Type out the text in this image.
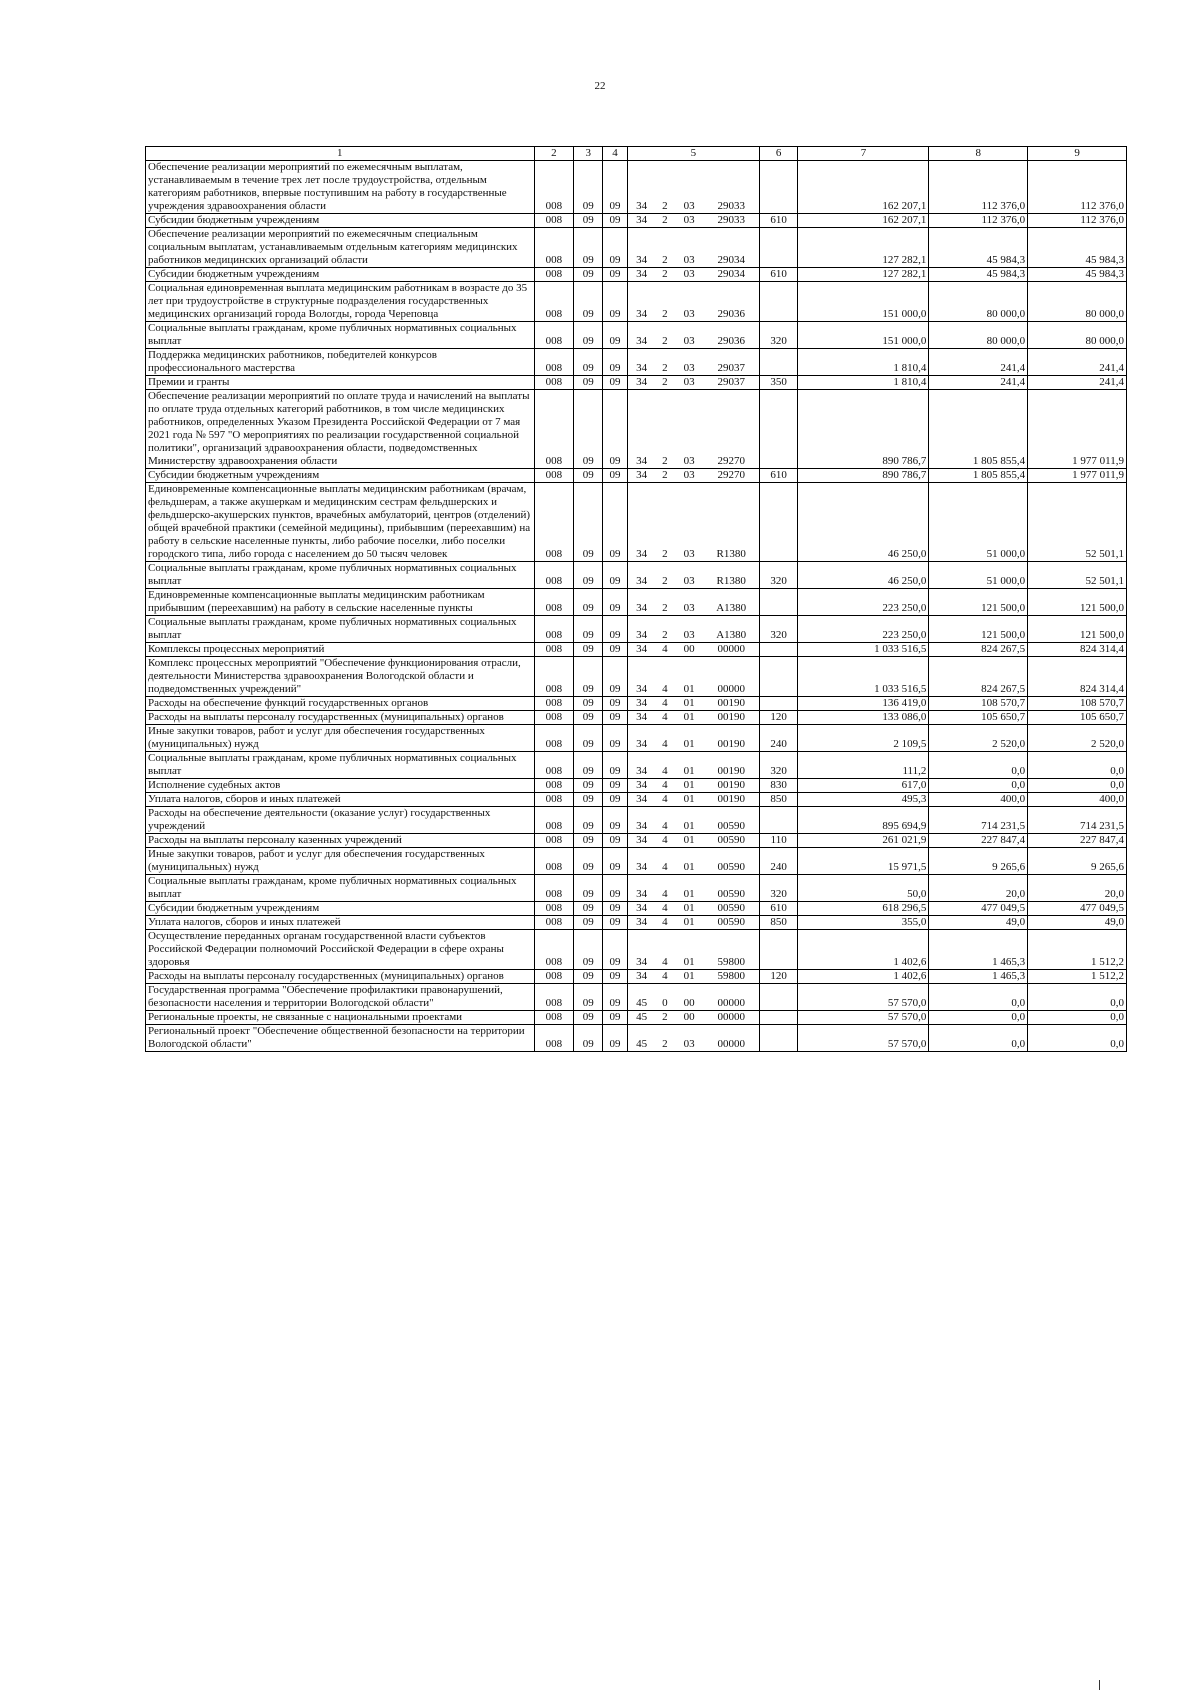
22
1	2	3	4	5				6	7	8	9
Обеспечение реализации мероприятий по ежемесячным выплатам, устанавливаемым в течение трех лет после трудоустройства, отдельным категориям работников, впервые поступившим на работу в государственные учреждения здравоохранения области	008	09	09	34	2	03	29033		162 207,1	112 376,0	112 376,0
Субсидии бюджетным учреждениям	008	09	09	34	2	03	29033	610	162 207,1	112 376,0	112 376,0
Обеспечение реализации мероприятий по ежемесячным специальным социальным выплатам, устанавливаемым отдельным категориям медицинских работников медицинских организаций области	008	09	09	34	2	03	29034		127 282,1	45 984,3	45 984,3
Субсидии бюджетным учреждениям	008	09	09	34	2	03	29034	610	127 282,1	45 984,3	45 984,3
Социальная единовременная выплата медицинским работникам в возрасте до 35 лет при трудоустройстве в структурные подразделения государственных медицинских организаций города Вологды, города Череповца	008	09	09	34	2	03	29036		151 000,0	80 000,0	80 000,0
Социальные выплаты гражданам, кроме публичных нормативных социальных выплат	008	09	09	34	2	03	29036	320	151 000,0	80 000,0	80 000,0
Поддержка медицинских работников, победителей конкурсов профессионального мастерства	008	09	09	34	2	03	29037		1 810,4	241,4	241,4
Премии и гранты	008	09	09	34	2	03	29037	350	1 810,4	241,4	241,4
Обеспечение реализации мероприятий по оплате труда и начислений на выплаты по оплате труда отдельных категорий работников, в том числе медицинских работников, определенных Указом Президента Российской Федерации от 7 мая 2021 года № 597 "О мероприятиях по реализации государственной социальной политики", организаций здравоохранения области, подведомственных Министерству здравоохранения области	008	09	09	34	2	03	29270		890 786,7	1 805 855,4	1 977 011,9
Субсидии бюджетным учреждениям	008	09	09	34	2	03	29270	610	890 786,7	1 805 855,4	1 977 011,9
Единовременные компенсационные выплаты медицинским работникам (врачам, фельдшерам, а также акушеркам и медицинским сестрам фельдшерских и фельдшерско-акушерских пунктов, врачебных амбулаторий, центров (отделений) общей врачебной практики (семейной медицины), прибывшим (переехавшим) на работу в сельские населенные пункты, либо рабочие поселки, либо поселки городского типа, либо города с населением до 50 тысяч человек	008	09	09	34	2	03	R1380		46 250,0	51 000,0	52 501,1
Социальные выплаты гражданам, кроме публичных нормативных социальных выплат	008	09	09	34	2	03	R1380	320	46 250,0	51 000,0	52 501,1
Единовременные компенсационные выплаты медицинским работникам прибывшим (переехавшим) на работу в сельские населенные пункты	008	09	09	34	2	03	A1380		223 250,0	121 500,0	121 500,0
Социальные выплаты гражданам, кроме публичных нормативных социальных выплат	008	09	09	34	2	03	A1380	320	223 250,0	121 500,0	121 500,0
Комплексы процессных мероприятий	008	09	09	34	4	00	00000		1 033 516,5	824 267,5	824 314,4
Комплекс процессных мероприятий "Обеспечение функционирования отрасли, деятельности Министерства здравоохранения Вологодской области и подведомственных учреждений"	008	09	09	34	4	01	00000		1 033 516,5	824 267,5	824 314,4
Расходы на обеспечение функций государственных органов	008	09	09	34	4	01	00190		136 419,0	108 570,7	108 570,7
Расходы на выплаты персоналу государственных (муниципальных) органов	008	09	09	34	4	01	00190	120	133 086,0	105 650,7	105 650,7
Иные закупки товаров, работ и услуг для обеспечения государственных (муниципальных) нужд	008	09	09	34	4	01	00190	240	2 109,5	2 520,0	2 520,0
Социальные выплаты гражданам, кроме публичных нормативных социальных выплат	008	09	09	34	4	01	00190	320	111,2	0,0	0,0
Исполнение судебных актов	008	09	09	34	4	01	00190	830	617,0	0,0	0,0
Уплата налогов, сборов и иных платежей	008	09	09	34	4	01	00190	850	495,3	400,0	400,0
Расходы на обеспечение деятельности (оказание услуг) государственных учреждений	008	09	09	34	4	01	00590		895 694,9	714 231,5	714 231,5
Расходы на выплаты персоналу казенных учреждений	008	09	09	34	4	01	00590	110	261 021,9	227 847,4	227 847,4
Иные закупки товаров, работ и услуг для обеспечения государственных (муниципальных) нужд	008	09	09	34	4	01	00590	240	15 971,5	9 265,6	9 265,6
Социальные выплаты гражданам, кроме публичных нормативных социальных выплат	008	09	09	34	4	01	00590	320	50,0	20,0	20,0
Субсидии бюджетным учреждениям	008	09	09	34	4	01	00590	610	618 296,5	477 049,5	477 049,5
Уплата налогов, сборов и иных платежей	008	09	09	34	4	01	00590	850	355,0	49,0	49,0
Осуществление переданных органам государственной власти субъектов Российской Федерации полномочий Российской Федерации в сфере охраны здоровья	008	09	09	34	4	01	59800		1 402,6	1 465,3	1 512,2
Расходы на выплаты персоналу государственных (муниципальных) органов	008	09	09	34	4	01	59800	120	1 402,6	1 465,3	1 512,2
Государственная программа "Обеспечение профилактики правонарушений, безопасности населения и территории Вологодской области"	008	09	09	45	0	00	00000		57 570,0	0,0	0,0
Региональные проекты, не связанные с национальными проектами	008	09	09	45	2	00	00000		57 570,0	0,0	0,0
Региональный проект "Обеспечение общественной безопасности на территории Вологодской области"	008	09	09	45	2	03	00000		57 570,0	0,0	0,0
